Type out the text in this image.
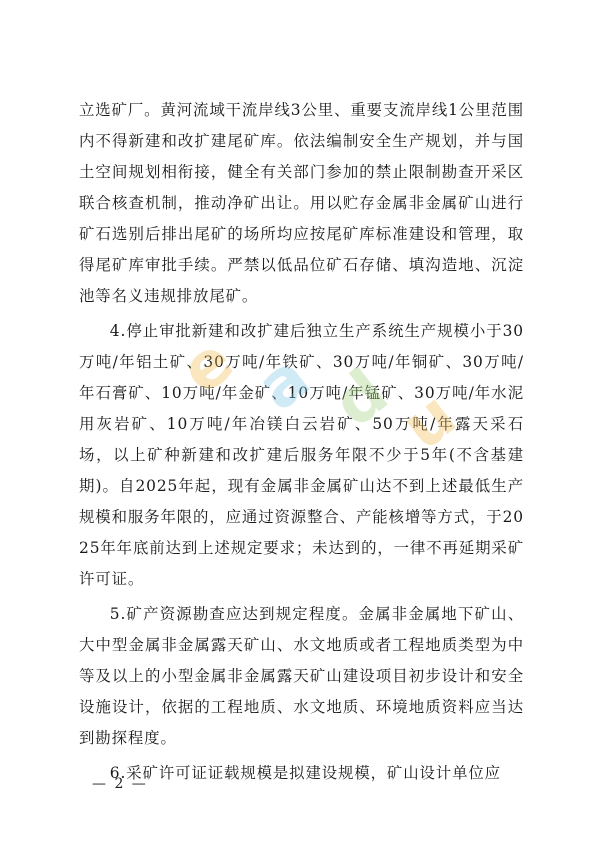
立选矿厂。黄河流域干流岸线3公里、重要支流岸线1公里范围内不得新建和改扩建尾矿库。依法编制安全生产规划，并与国土空间规划相衔接，健全有关部门参加的禁止限制勘查开采区联合核查机制，推动净矿出让。用以贮存金属非金属矿山进行矿石选别后排出尾矿的场所均应按尾矿库标准建设和管理，取得尾矿库审批手续。严禁以低品位矿石存储、填沟造地、沉淀池等名义违规排放尾矿。

4.停止审批新建和改扩建后独立生产系统生产规模小于30万吨/年铝土矿、30万吨/年铁矿、30万吨/年铜矿、30万吨/年石膏矿、10万吨/年金矿、10万吨/年锰矿、30万吨/年水泥用灰岩矿、10万吨/年冶镁白云岩矿、50万吨/年露天采石场，以上矿种新建和改扩建后服务年限不少于5年(不含基建期)。自2025年起，现有金属非金属矿山达不到上述最低生产规模和服务年限的，应通过资源整合、产能核增等方式，于2025年年底前达到上述规定要求；未达到的，一律不再延期采矿许可证。

5.矿产资源勘查应达到规定程度。金属非金属地下矿山、大中型金属非金属露天矿山、水文地质或者工程地质类型为中等及以上的小型金属非金属露天矿山建设项目初步设计和安全设施设计，依据的工程地质、水文地质、环境地质资料应当达到勘探程度。

6.采矿许可证证载规模是拟建设规模，矿山设计单位应

e
a
d
u
— 2 —
